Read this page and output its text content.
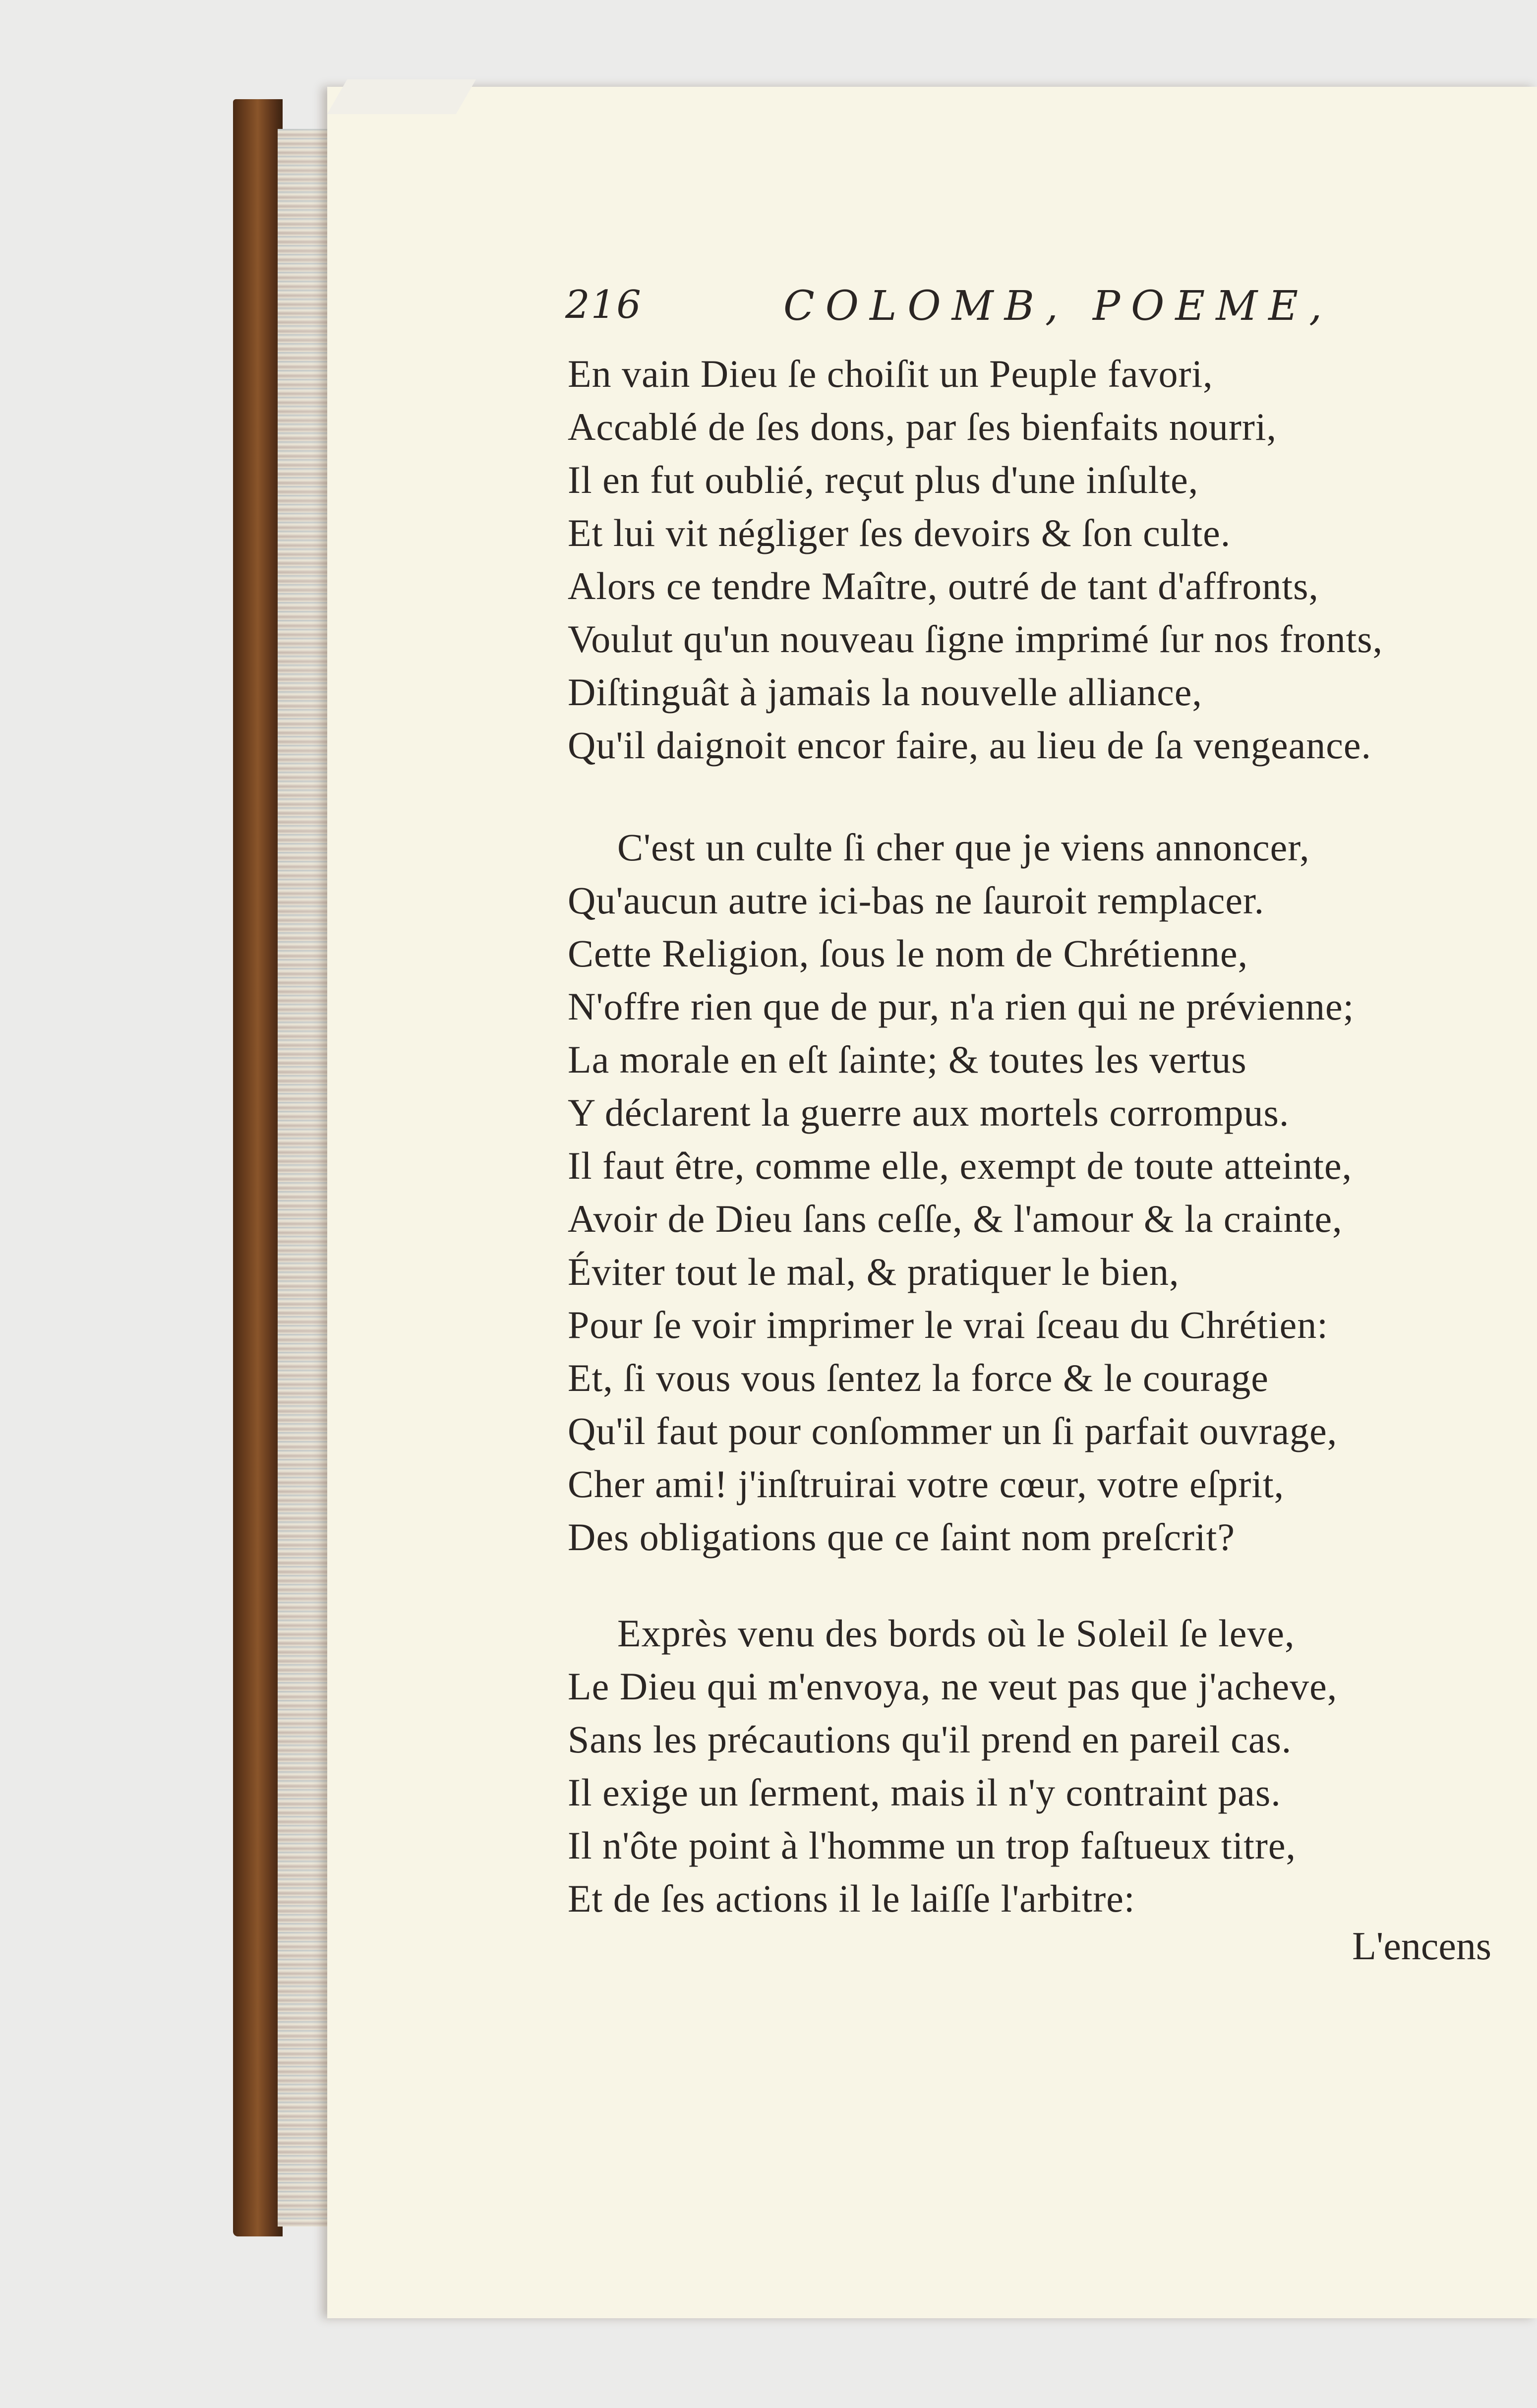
216	COLOMB, POEME,
En vain Dieu ſe choiſit un Peuple favori,
Accablé de ſes dons, par ſes bienfaits nourri,
Il en fut oublié, reçut plus d'une inſulte,
Et lui vit négliger ſes devoirs & ſon culte.
Alors ce tendre Maître, outré de tant d'affronts,
Voulut qu'un nouveau ſigne imprimé ſur nos fronts,
Diſtinguât à jamais la nouvelle alliance,
Qu'il daignoit encor faire, au lieu de ſa vengeance.
C'est un culte ſi cher que je viens annoncer,
Qu'aucun autre ici-bas ne ſauroit remplacer.
Cette Religion, ſous le nom de Chrétienne,
N'offre rien que de pur, n'a rien qui ne prévienne;
La morale en eſt ſainte; & toutes les vertus
Y déclarent la guerre aux mortels corrompus.
Il faut être, comme elle, exempt de toute atteinte,
Avoir de Dieu ſans ceſſe, & l'amour & la crainte,
Éviter tout le mal, & pratiquer le bien,
Pour ſe voir imprimer le vrai ſceau du Chrétien:
Et, ſi vous vous ſentez la force & le courage
Qu'il faut pour conſommer un ſi parfait ouvrage,
Cher ami! j'inſtruirai votre cœur, votre eſprit,
Des obligations que ce ſaint nom preſcrit?
Exprès venu des bords où le Soleil ſe leve,
Le Dieu qui m'envoya, ne veut pas que j'acheve,
Sans les précautions qu'il prend en pareil cas.
Il exige un ſerment, mais il n'y contraint pas.
Il n'ôte point à l'homme un trop faſtueux titre,
Et de ſes actions il le laiſſe l'arbitre:
L'encens
